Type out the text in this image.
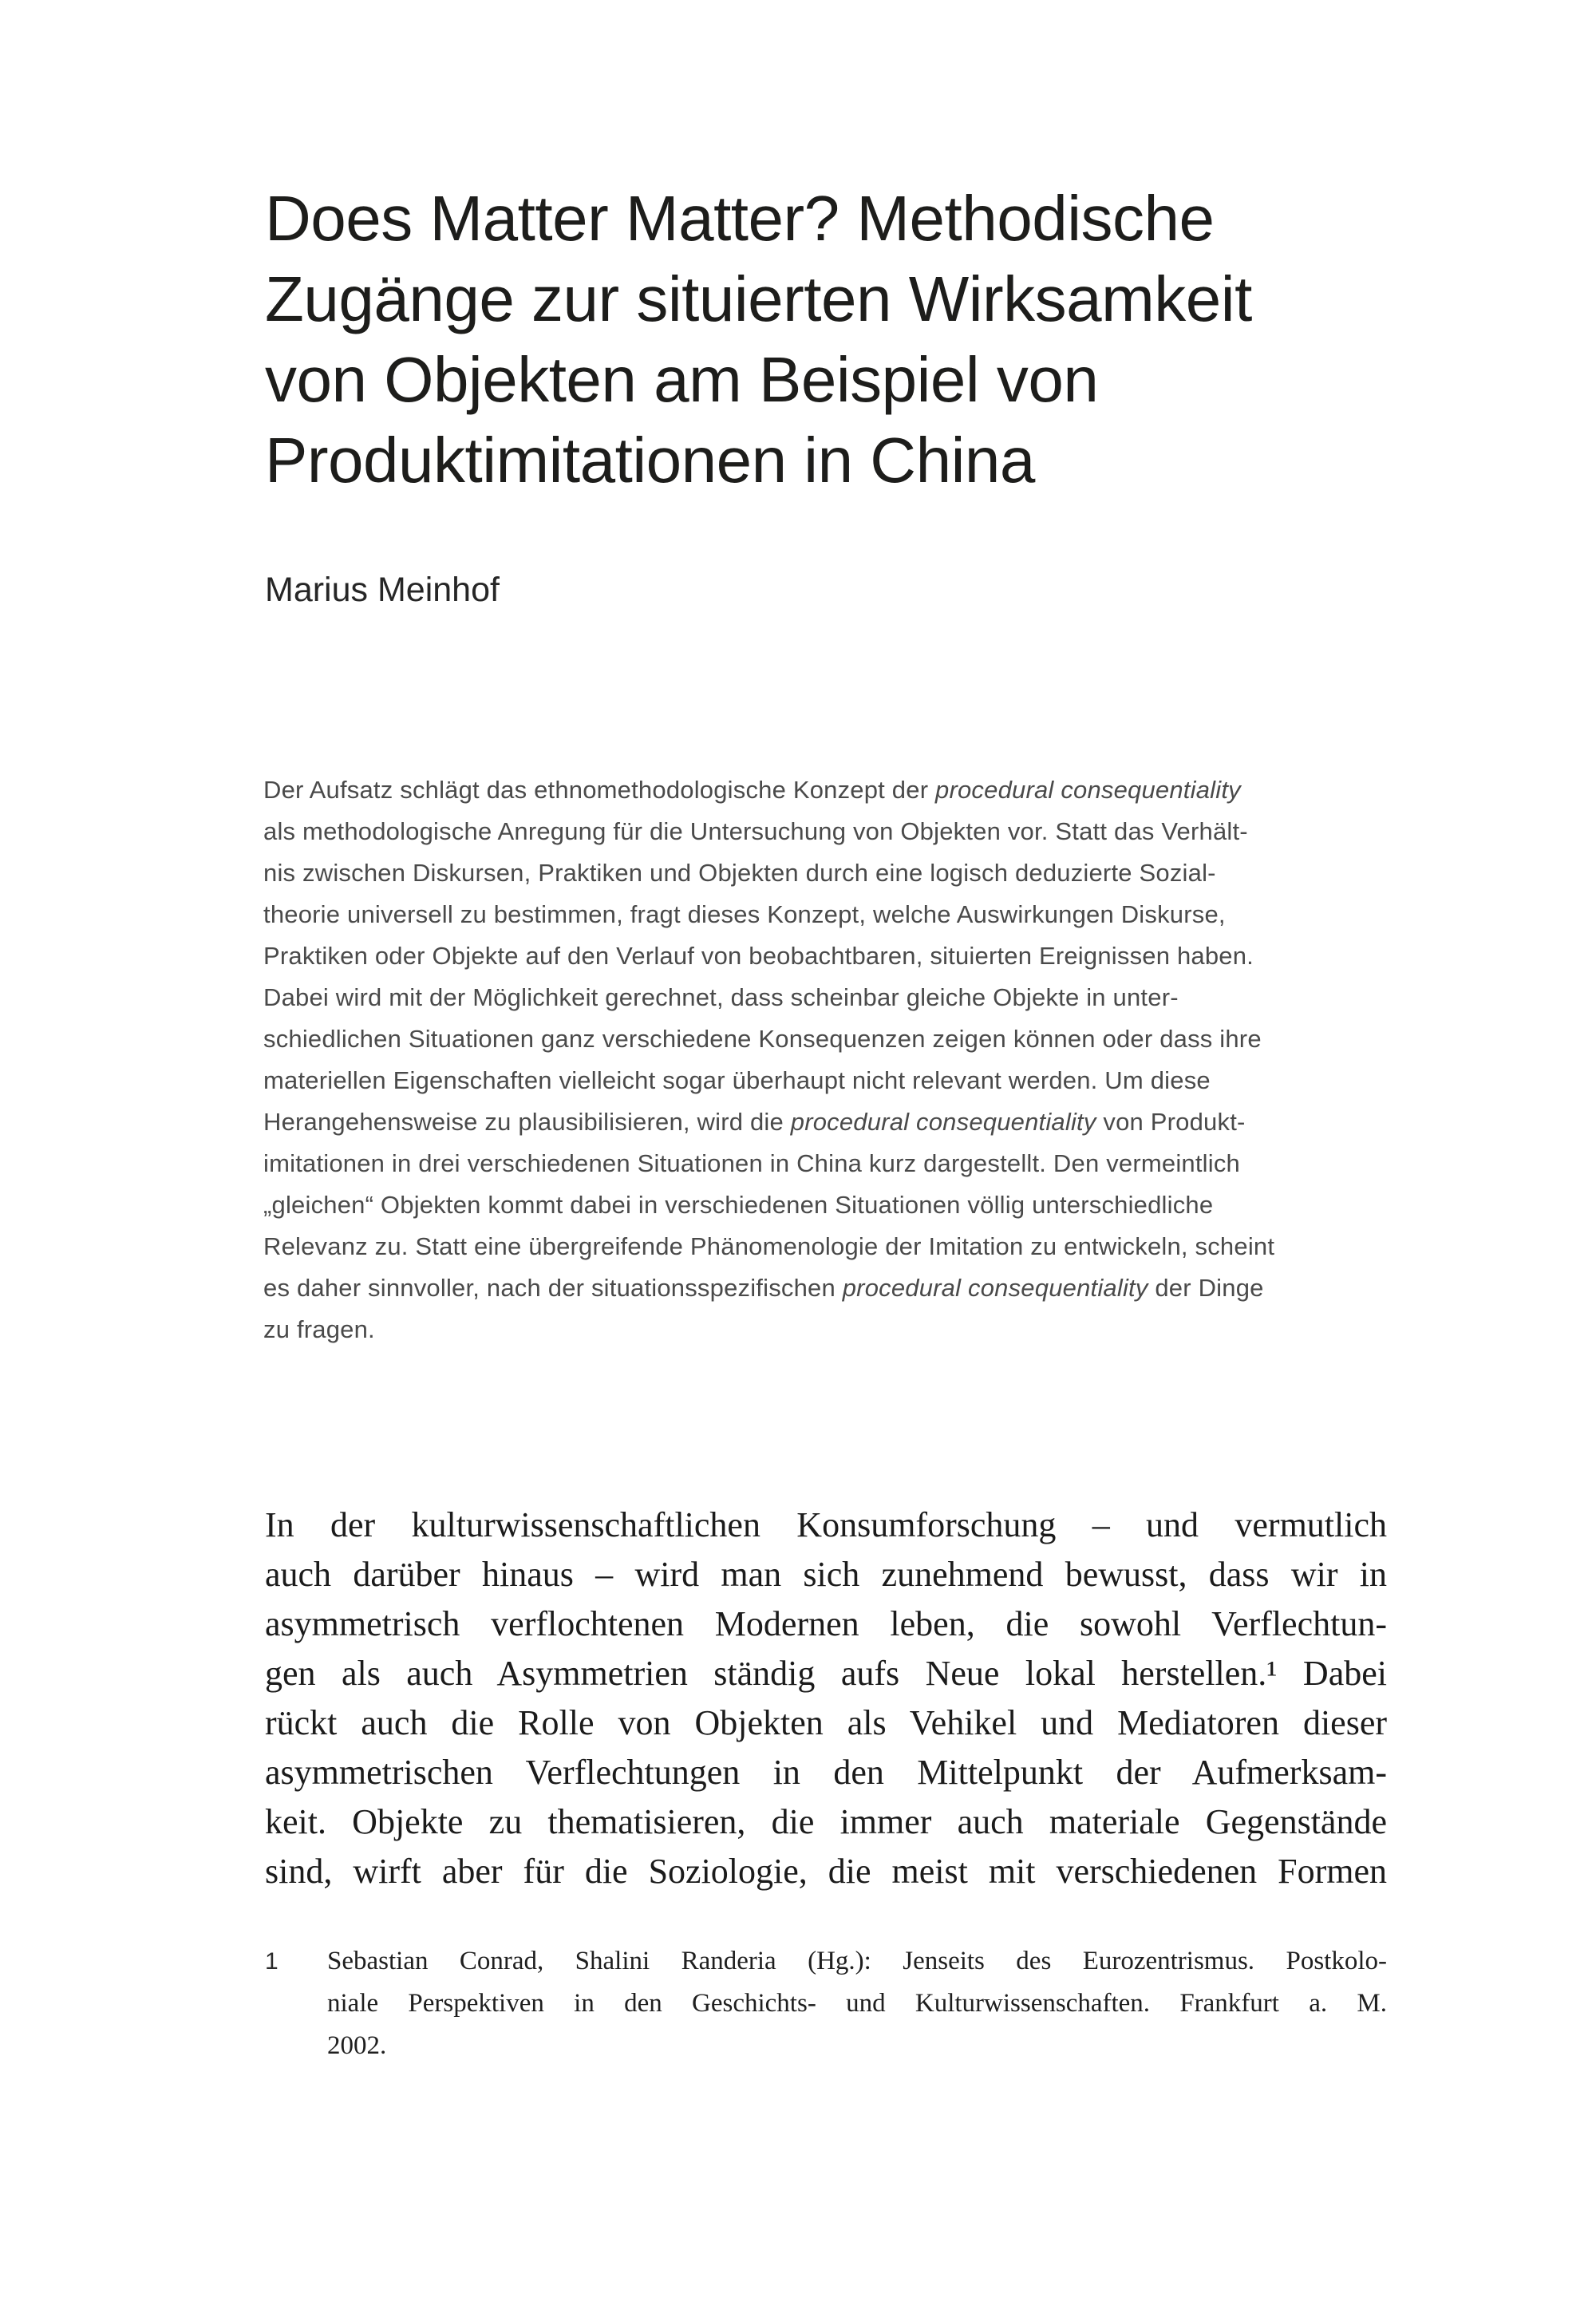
Does Matter Matter? Methodische
Zugänge zur situierten Wirksamkeit
von Objekten am Beispiel von
Produktimitationen in China
Marius Meinhof
Der Aufsatz schlägt das ethnomethodologische Konzept der procedural consequentiality
als methodologische Anregung für die Untersuchung von Objekten vor. Statt das Verhält-
nis zwischen Diskursen, Praktiken und Objekten durch eine logisch deduzierte Sozial-
theorie universell zu bestimmen, fragt dieses Konzept, welche Auswirkungen Diskurse,
Praktiken oder Objekte auf den Verlauf von beobachtbaren, situierten Ereignissen haben.
Dabei wird mit der Möglichkeit gerechnet, dass scheinbar gleiche Objekte in unter-
schiedlichen Situationen ganz verschiedene Konsequenzen zeigen können oder dass ihre
materiellen Eigenschaften vielleicht sogar überhaupt nicht relevant werden. Um diese
Herangehensweise zu plausibilisieren, wird die procedural consequentiality von Produkt-
imitationen in drei verschiedenen Situationen in China kurz dargestellt. Den vermeintlich
„gleichen“ Objekten kommt dabei in verschiedenen Situationen völlig unterschiedliche
Relevanz zu. Statt eine übergreifende Phänomenologie der Imitation zu entwickeln, scheint
es daher sinnvoller, nach der situationsspezifischen procedural consequentiality der Dinge
zu fragen.
In der kulturwissenschaftlichen Konsumforschung – und vermutlich
auch darüber hinaus – wird man sich zunehmend bewusst, dass wir in
asymmetrisch verflochtenen Modernen leben, die sowohl Verflechtun-
gen als auch Asymmetrien ständig aufs Neue lokal herstellen.¹ Dabei
rückt auch die Rolle von Objekten als Vehikel und Mediatoren dieser
asymmetrischen Verflechtungen in den Mittelpunkt der Aufmerksam-
keit. Objekte zu thematisieren, die immer auch materiale Gegenstände
sind, wirft aber für die Soziologie, die meist mit verschiedenen Formen
1	Sebastian Conrad, Shalini Randeria (Hg.): Jenseits des Eurozentrismus. Postkolo-
niale Perspektiven in den Geschichts- und Kulturwissenschaften. Frankfurt a. M.
2002.
